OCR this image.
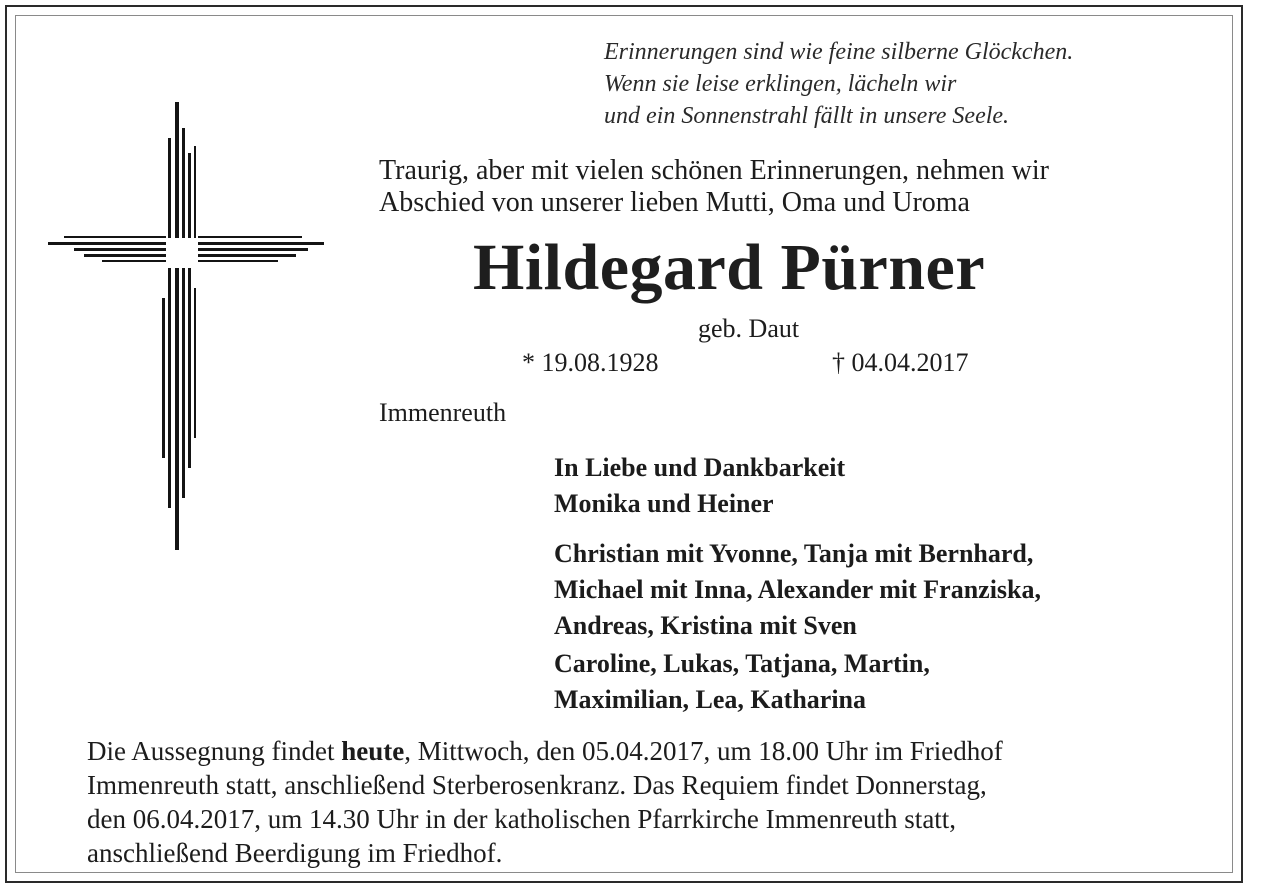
Erinnerungen sind wie feine silberne Glöckchen.
Wenn sie leise erklingen, lächeln wir
und ein Sonnenstrahl fällt in unsere Seele.
Traurig, aber mit vielen schönen Erinnerungen, nehmen wir
Abschied von unserer lieben Mutti, Oma und Uroma
Hildegard Pürner
geb. Daut
* 19.08.1928	† 04.04.2017
Immenreuth
In Liebe und Dankbarkeit
Monika und Heiner
Christian mit Yvonne, Tanja mit Bernhard,
Michael mit Inna, Alexander mit Franziska,
Andreas, Kristina mit Sven
Caroline, Lukas, Tatjana, Martin,
Maximilian, Lea, Katharina
Die Aussegnung findet heute, Mittwoch, den 05.04.2017, um 18.00 Uhr im Friedhof
Immenreuth statt, anschließend Sterberosenkranz. Das Requiem findet Donnerstag,
den 06.04.2017, um 14.30 Uhr in der katholischen Pfarrkirche Immenreuth statt,
anschließend Beerdigung im Friedhof.
